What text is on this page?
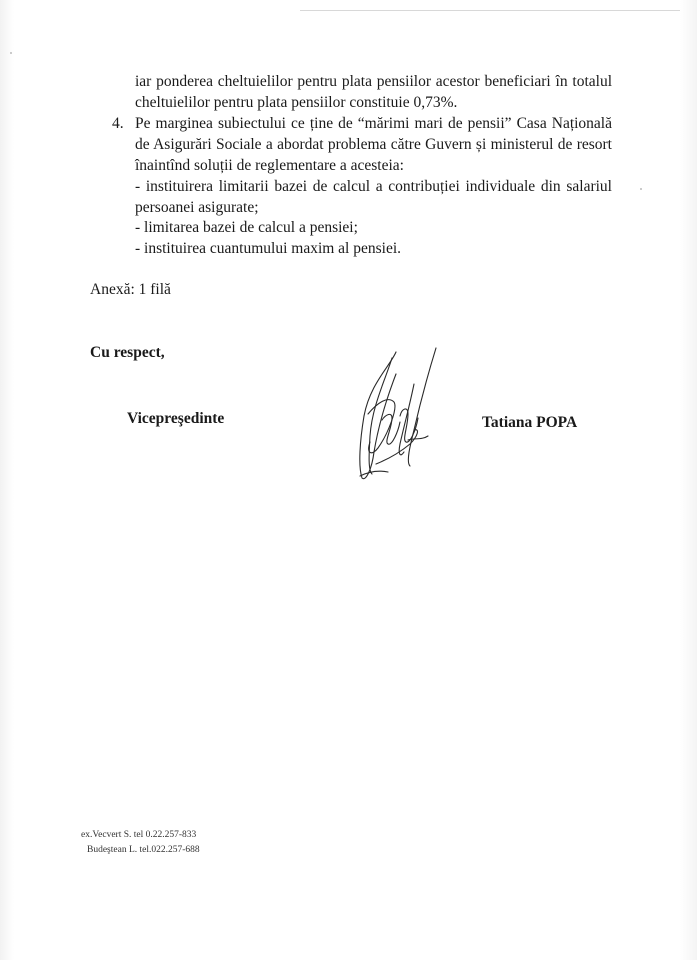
iar ponderea cheltuielilor pentru plata pensiilor acestor beneficiari în totalul
cheltuielilor pentru plata pensiilor constituie 0,73%.
4. Pe marginea subiectului ce ține de “mărimi mari de pensii” Casa Națională
de Asigurări Sociale a abordat problema către Guvern și ministerul de resort
înaintînd soluții de reglementare a acesteia:
- instituirera limitarii bazei de calcul a contribuției individuale din salariul
persoanei asigurate;
- limitarea bazei de calcul a pensiei;
- instituirea cuantumului maxim al pensiei.
Anexă: 1 filă
Cu respect,
Vicepreşedinte	Tatiana POPA
ex.Vecvert S. tel 0.22.257-833
Budeştean L. tel.022.257-688
